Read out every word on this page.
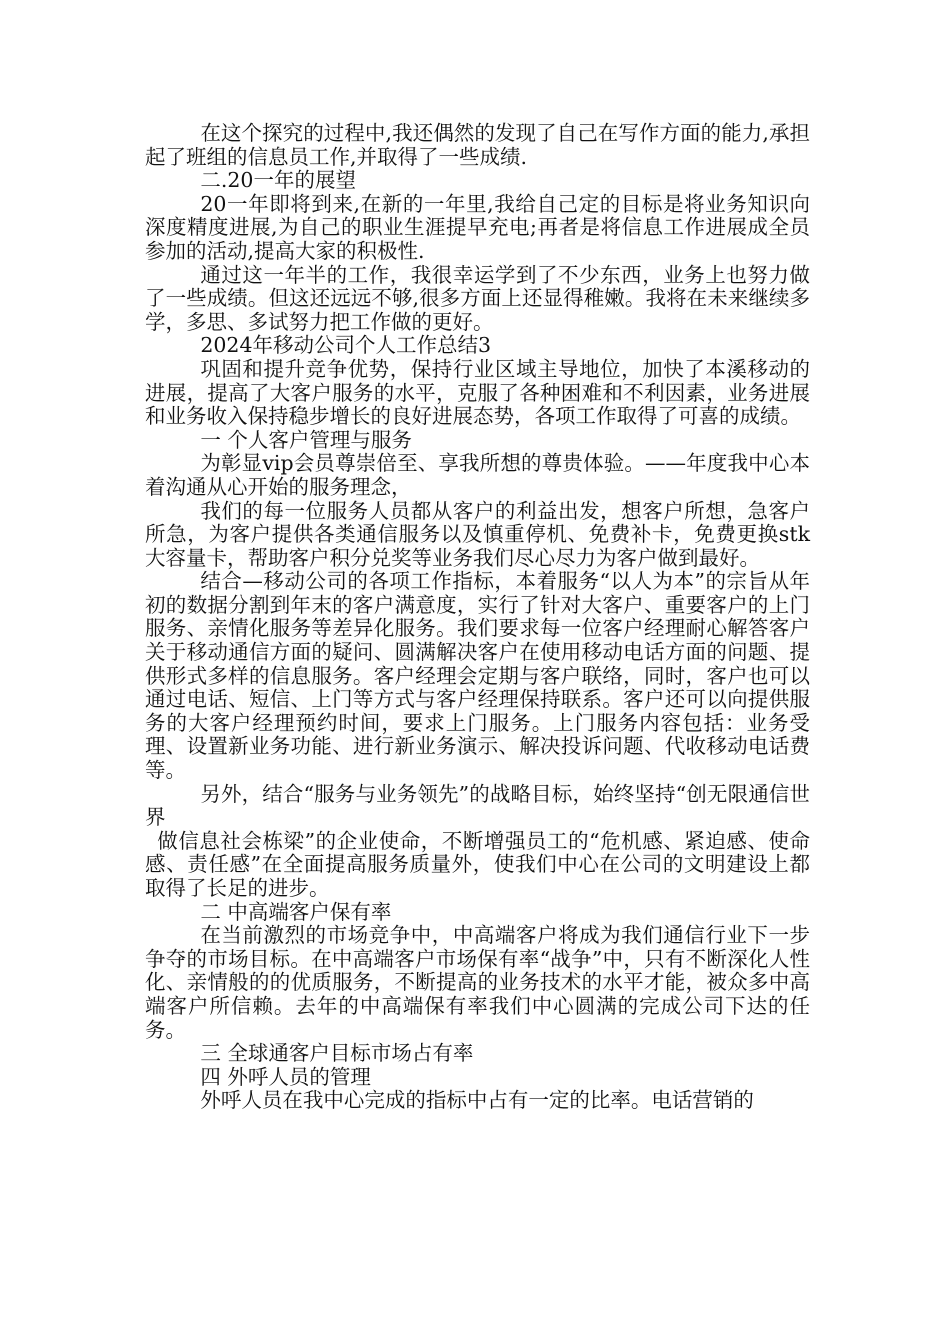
在这个探究的过程中,我还偶然的发现了自己在写作方面的能力,承担起了班组的信息员工作,并取得了一些成绩.

二.20一年的展望

20一年即将到来,在新的一年里,我给自己定的目标是将业务知识向深度精度进展,为自己的职业生涯提早充电;再者是将信息工作进展成全员参加的活动,提高大家的积极性.

通过这一年半的工作，我很幸运学到了不少东西，业务上也努力做了一些成绩。但这还远远不够,很多方面上还显得稚嫩。我将在未来继续多学，多思、多试努力把工作做的更好。

2024年移动公司个人工作总结3

巩固和提升竞争优势，保持行业区域主导地位，加快了本溪移动的进展，提高了大客户服务的水平，克服了各种困难和不利因素，业务进展和业务收入保持稳步增长的良好进展态势，各项工作取得了可喜的成绩。

一 个人客户管理与服务

为彰显vip会员尊崇倍至、享我所想的尊贵体验。——年度我中心本着沟通从心开始的服务理念，

我们的每一位服务人员都从客户的利益出发，想客户所想，急客户所急，为客户提供各类通信服务以及慎重停机、免费补卡，免费更换stk大容量卡，帮助客户积分兑奖等业务我们尽心尽力为客户做到最好。

结合—移动公司的各项工作指标，本着服务“以人为本”的宗旨从年初的数据分割到年末的客户满意度，实行了针对大客户、重要客户的上门服务、亲情化服务等差异化服务。我们要求每一位客户经理耐心解答客户关于移动通信方面的疑问、圆满解决客户在使用移动电话方面的问题、提供形式多样的信息服务。客户经理会定期与客户联络，同时，客户也可以通过电话、短信、上门等方式与客户经理保持联系。客户还可以向提供服务的大客户经理预约时间，要求上门服务。上门服务内容包括：业务受理、设置新业务功能、进行新业务演示、解决投诉问题、代收移动电话费等。

另外，结合“服务与业务领先”的战略目标，始终坚持“创无限通信世界

做信息社会栋梁”的企业使命，不断增强员工的“危机感、紧迫感、使命感、责任感”在全面提高服务质量外，使我们中心在公司的文明建设上都取得了长足的进步。

二 中高端客户保有率

在当前激烈的市场竞争中，中高端客户将成为我们通信行业下一步争夺的市场目标。在中高端客户市场保有率“战争”中，只有不断深化人性化、亲情般的的优质服务，不断提高的业务技术的水平才能，被众多中高端客户所信赖。去年的中高端保有率我们中心圆满的完成公司下达的任务。

三 全球通客户目标市场占有率

四 外呼人员的管理

外呼人员在我中心完成的指标中占有一定的比率。电话营销的
